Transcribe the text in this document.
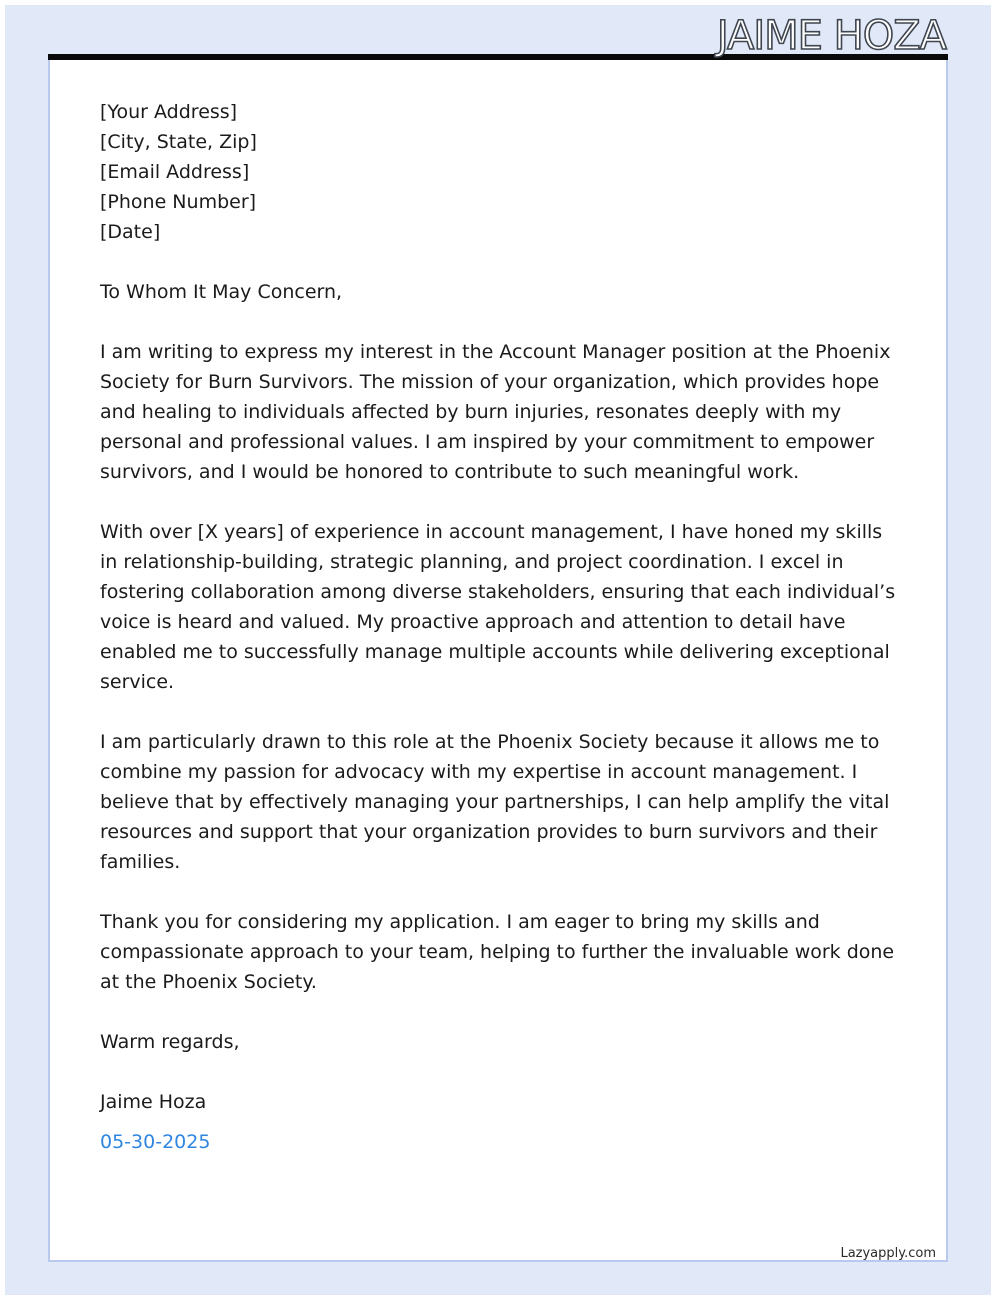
JAIME HOZA

[Your Address]

[City, State, Zip]

[Email Address]

[Phone Number]

[Date]

To Whom It May Concern,

I am writing to express my interest in the Account Manager position at the Phoenix Society for Burn Survivors. The mission of your organization, which provides hope and healing to individuals affected by burn injuries, resonates deeply with my personal and professional values. I am inspired by your commitment to empower survivors, and I would be honored to contribute to such meaningful work.

With over [X years] of experience in account management, I have honed my skills in relationship-building, strategic planning, and project coordination. I excel in fostering collaboration among diverse stakeholders, ensuring that each individual’s voice is heard and valued. My proactive approach and attention to detail have enabled me to successfully manage multiple accounts while delivering exceptional service.

I am particularly drawn to this role at the Phoenix Society because it allows me to combine my passion for advocacy with my expertise in account management. I believe that by effectively managing your partnerships, I can help amplify the vital resources and support that your organization provides to burn survivors and their families.

Thank you for considering my application. I am eager to bring my skills and compassionate approach to your team, helping to further the invaluable work done at the Phoenix Society.

Warm regards,

Jaime Hoza

05-30-2025

Lazyapply.com
